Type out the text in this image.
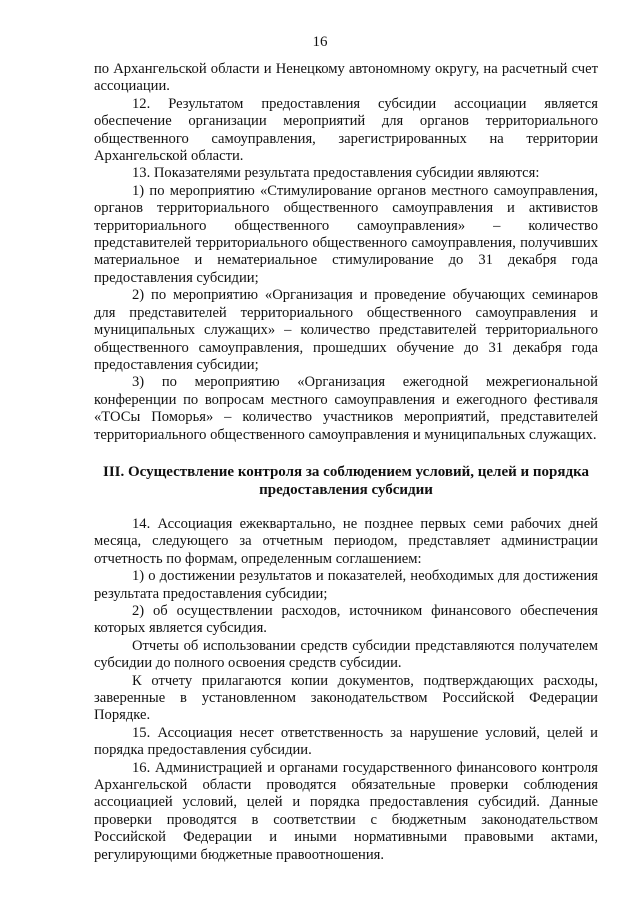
16

по Архангельской области и Ненецкому автономному округу, на расчетный счет ассоциации.

12. Результатом предоставления субсидии ассоциации является обеспечение организации мероприятий для органов территориального общественного самоуправления, зарегистрированных на территории Архангельской области.

13. Показателями результата предоставления субсидии являются:

1) по мероприятию «Стимулирование органов местного самоуправления, органов территориального общественного самоуправления и активистов территориального общественного самоуправления» – количество представителей территориального общественного самоуправления, получивших материальное и нематериальное стимулирование до 31 декабря года предоставления субсидии;

2) по мероприятию «Организация и проведение обучающих семинаров для представителей территориального общественного самоуправления и муниципальных служащих» – количество представителей территориального общественного самоуправления, прошедших обучение до 31 декабря года предоставления субсидии;

3) по мероприятию «Организация ежегодной межрегиональной конференции по вопросам местного самоуправления и ежегодного фестиваля «ТОСы Поморья» – количество участников мероприятий, представителей территориального общественного самоуправления и муниципальных служащих.

III. Осуществление контроля за соблюдением условий, целей и порядка предоставления субсидии

14. Ассоциация ежеквартально, не позднее первых семи рабочих дней месяца, следующего за отчетным периодом, представляет администрации отчетность по формам, определенным соглашением:

1) о достижении результатов и показателей, необходимых для достижения результата предоставления субсидии;

2) об осуществлении расходов, источником финансового обеспечения которых является субсидия.

Отчеты об использовании средств субсидии представляются получателем субсидии до полного освоения средств субсидии.

К отчету прилагаются копии документов, подтверждающих расходы, заверенные в установленном законодательством Российской Федерации Порядке.

15. Ассоциация несет ответственность за нарушение условий, целей и порядка предоставления субсидии.

16. Администрацией и органами государственного финансового контроля Архангельской области проводятся обязательные проверки соблюдения ассоциацией условий, целей и порядка предоставления субсидий. Данные проверки проводятся в соответствии с бюджетным законодательством Российской Федерации и иными нормативными правовыми актами, регулирующими бюджетные правоотношения.
